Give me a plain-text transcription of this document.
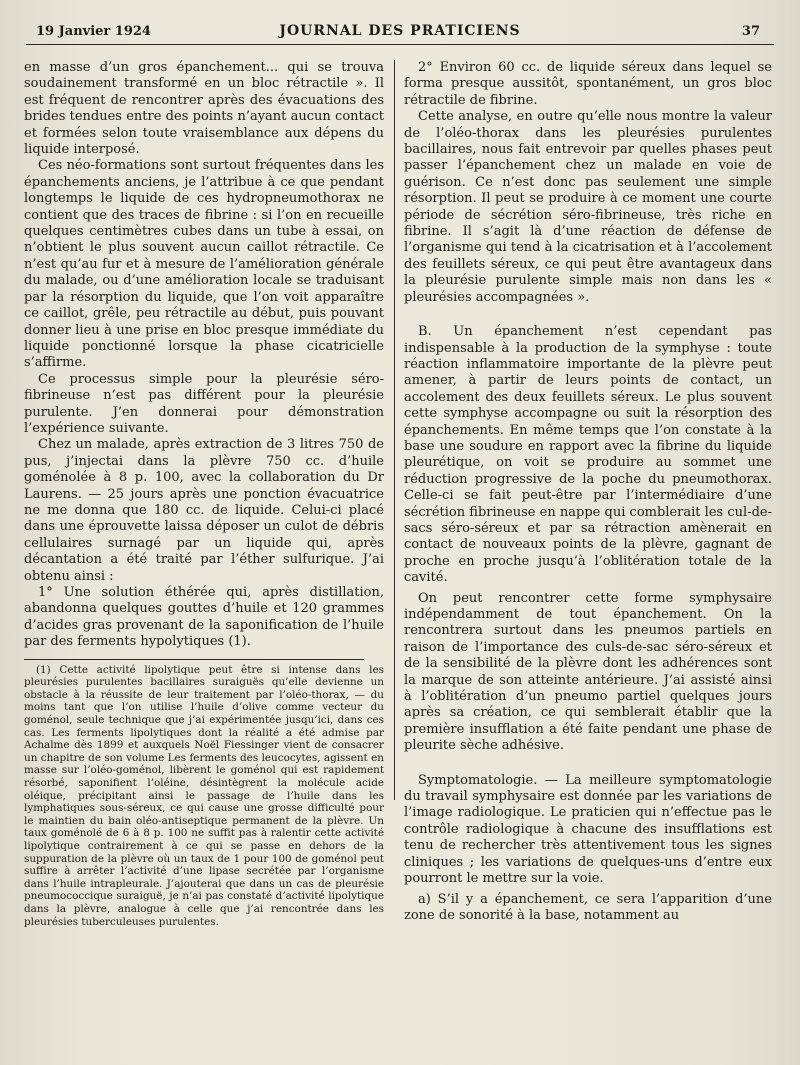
19 Janvier 1924	JOURNAL DES PRATICIENS	37

en masse d’un gros épanchement... qui se trouva soudainement transformé en un bloc rétractile ». Il est fréquent de rencontrer après des évacuations des brides tendues entre des points n’ayant aucun contact et formées selon toute vraisemblance aux dépens du liquide interposé.

Ces néo-formations sont surtout fréquentes dans les épanchements anciens, je l’attribue à ce que pendant longtemps le liquide de ces hydropneumothorax ne contient que des traces de fibrine : si l’on en recueille quelques centimètres cubes dans un tube à essai, on n’obtient le plus souvent aucun caillot rétractile. Ce n’est qu’au fur et à mesure de l’amélioration générale du malade, ou d’une amélioration locale se traduisant par la résorption du liquide, que l’on voit apparaître ce caillot, grêle, peu rétractile au début, puis pouvant donner lieu à une prise en bloc presque immédiate du liquide ponctionné lorsque la phase cicatricielle s’affirme.

Ce processus simple pour la pleurésie séro-fibrineuse n’est pas différent pour la pleurésie purulente. J’en donnerai pour démonstration l’expérience suivante.

Chez un malade, après extraction de 3 litres 750 de pus, j’injectai dans la plèvre 750 cc. d’huile goménolée à 8 p. 100, avec la collaboration du Dr Laurens. — 25 jours après une ponction évacuatrice ne me donna que 180 cc. de liquide. Celui-ci placé dans une éprouvette laissa déposer un culot de débris cellulaires surnagé par un liquide qui, après décantation a été traité par l’éther sulfurique. J’ai obtenu ainsi :

1° Une solution éthérée qui, après distillation, abandonna quelques gouttes d’huile et 120 grammes d’acides gras provenant de la saponification de l’huile par des ferments hypolytiques (1).

(1) Cette activité lipolytique peut être si intense dans les pleurésies purulentes bacillaires suraiguës qu’elle devienne un obstacle à la réussite de leur traitement par l’oléo-thorax, — du moins tant que l’on utilise l’huile d’olive comme vecteur du goménol, seule technique que j’ai expérimentée jusqu’ici, dans ces cas. Les ferments lipolytiques dont la réalité a été admise par Achalme dès 1899 et auxquels Noël Fiessinger vient de consacrer un chapitre de son volume Les ferments des leucocytes, agissent en masse sur l’oléo-goménol, libèrent le goménol qui est rapidement résorbé, saponifient l’oléine, désintègrent la molécule acide oléique, précipitant ainsi le passage de l’huile dans les lymphatiques sous-séreux, ce qui cause une grosse difficulté pour le maintien du bain oléo-antiseptique permanent de la plèvre. Un taux goménolé de 6 à 8 p. 100 ne suffit pas à ralentir cette activité lipolytique contrairement à ce qui se passe en dehors de la suppuration de la plèvre où un taux de 1 pour 100 de goménol peut suffire à arrêter l’activité d’une lipase secrétée par l’organisme dans l’huile intrapleurale. J’ajouterai que dans un cas de pleurésie pneumococcique suraiguë, je n’ai pas constaté d’activité lipolytique dans la plèvre, analogue à celle que j’ai rencontrée dans les pleurésies tuberculeuses purulentes.

2° Environ 60 cc. de liquide séreux dans lequel se forma presque aussitôt, spontanément, un gros bloc rétractile de fibrine.

Cette analyse, en outre qu’elle nous montre la valeur de l’oléo-thorax dans les pleurésies purulentes bacillaires, nous fait entrevoir par quelles phases peut passer l’épanchement chez un malade en voie de guérison. Ce n’est donc pas seulement une simple résorption. Il peut se produire à ce moment une courte période de sécrétion séro-fibrineuse, très riche en fibrine. Il s’agit là d’une réaction de défense de l’organisme qui tend à la cicatrisation et à l’accolement des feuillets séreux, ce qui peut être avantageux dans la pleurésie purulente simple mais non dans les « pleurésies accompagnées ».

B. Un épanchement n’est cependant pas indispensable à la production de la symphyse : toute réaction inflammatoire importante de la plèvre peut amener, à partir de leurs points de contact, un accolement des deux feuillets séreux. Le plus souvent cette symphyse accompagne ou suit la résorption des épanchements. En même temps que l’on constate à la base une soudure en rapport avec la fibrine du liquide pleurétique, on voit se produire au sommet une réduction progressive de la poche du pneumothorax. Celle-ci se fait peut-être par l’intermédiaire d’une sécrétion fibrineuse en nappe qui comblerait les cul-de-sacs séro-séreux et par sa rétraction amènerait en contact de nouveaux points de la plèvre, gagnant de proche en proche jusqu’à l’oblitération totale de la cavité.

On peut rencontrer cette forme symphysaire indépendamment de tout épanchement. On la rencontrera surtout dans les pneumos partiels en raison de l’importance des culs-de-sac séro-séreux et de la sensibilité de la plèvre dont les adhérences sont la marque de son atteinte antérieure. J’ai assisté ainsi à l’oblitération d’un pneumo partiel quelques jours après sa création, ce qui semblerait établir que la première insufflation a été faite pendant une phase de pleurite sèche adhésive.

Symptomatologie. — La meilleure symptomatologie du travail symphysaire est donnée par les variations de l’image radiologique. Le praticien qui n’effectue pas le contrôle radiologique à chacune des insufflations est tenu de rechercher très attentivement tous les signes cliniques ; les variations de quelques-uns d’entre eux pourront le mettre sur la voie.

a) S’il y a épanchement, ce sera l’apparition d’une zone de sonorité à la base, notamment au
